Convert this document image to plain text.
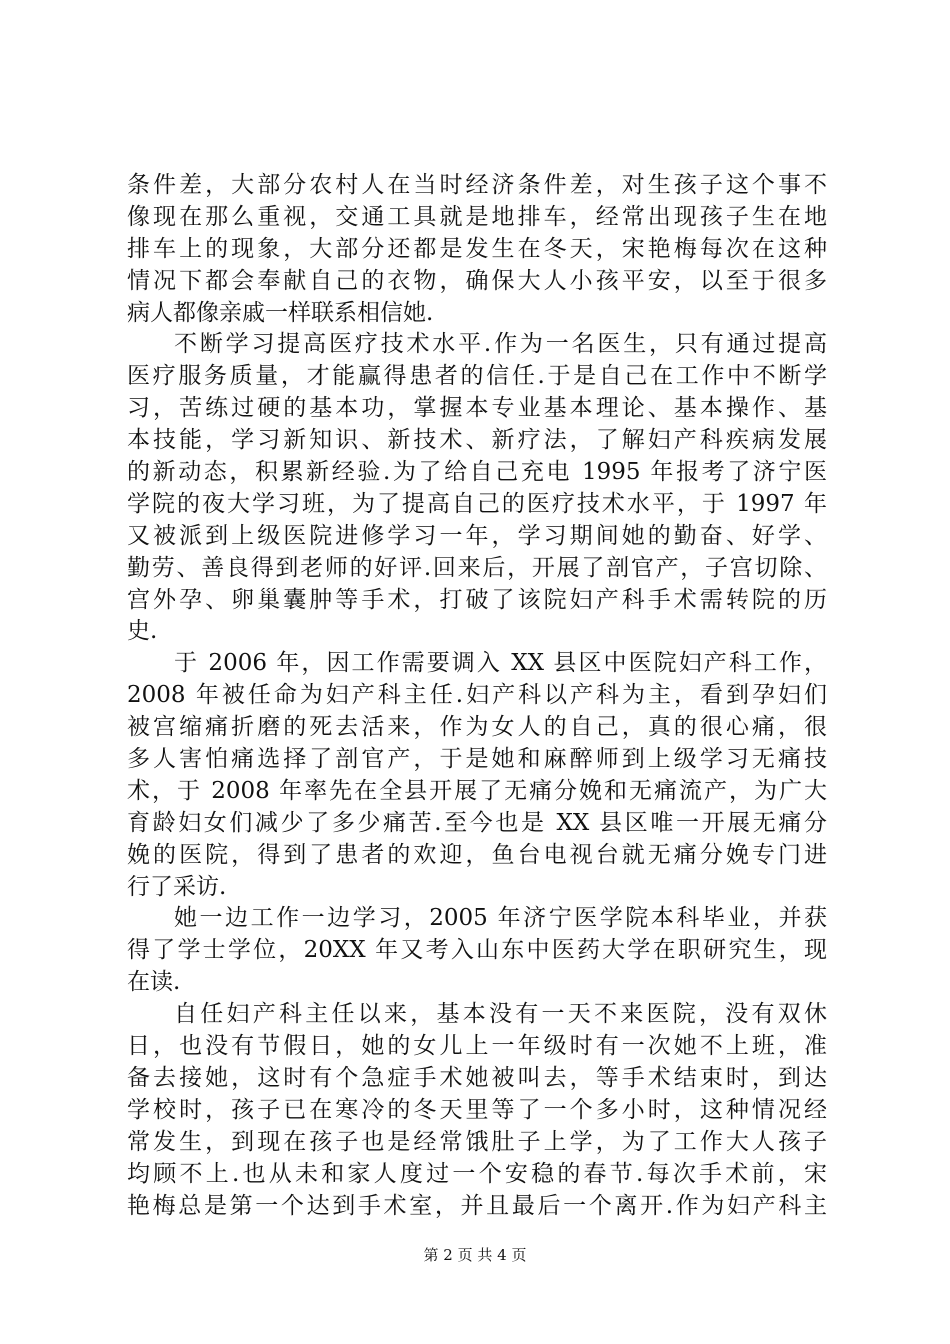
条件差，大部分农村人在当时经济条件差，对生孩子这个事不
像现在那么重视，交通工具就是地排车，经常出现孩子生在地
排车上的现象，大部分还都是发生在冬天，宋艳梅每次在这种
情况下都会奉献自己的衣物，确保大人小孩平安，以至于很多
病人都像亲戚一样联系相信她.
不断学习提高医疗技术水平.作为一名医生，只有通过提高
医疗服务质量，才能赢得患者的信任.于是自己在工作中不断学
习，苦练过硬的基本功，掌握本专业基本理论、基本操作、基
本技能，学习新知识、新技术、新疗法，了解妇产科疾病发展
的新动态，积累新经验.为了给自己充电 1995 年报考了济宁医
学院的夜大学习班，为了提高自己的医疗技术水平，于 1997 年
又被派到上级医院进修学习一年，学习期间她的勤奋、好学、
勤劳、善良得到老师的好评.回来后，开展了剖官产，子宫切除、
宫外孕、卵巢囊肿等手术，打破了该院妇产科手术需转院的历
史.
于 2006 年，因工作需要调入 XX 县区中医院妇产科工作，
2008 年被任命为妇产科主任.妇产科以产科为主，看到孕妇们
被宫缩痛折磨的死去活来，作为女人的自己，真的很心痛，很
多人害怕痛选择了剖官产，于是她和麻醉师到上级学习无痛技
术，于 2008 年率先在全县开展了无痛分娩和无痛流产，为广大
育龄妇女们减少了多少痛苦.至今也是 XX 县区唯一开展无痛分
娩的医院，得到了患者的欢迎，鱼台电视台就无痛分娩专门进
行了采访.
她一边工作一边学习，2005 年济宁医学院本科毕业，并获
得了学士学位，20XX 年又考入山东中医药大学在职研究生，现
在读.
自任妇产科主任以来，基本没有一天不来医院，没有双休
日，也没有节假日，她的女儿上一年级时有一次她不上班，准
备去接她，这时有个急症手术她被叫去，等手术结束时，到达
学校时，孩子已在寒冷的冬天里等了一个多小时，这种情况经
常发生，到现在孩子也是经常饿肚子上学，为了工作大人孩子
均顾不上.也从未和家人度过一个安稳的春节.每次手术前，宋
艳梅总是第一个达到手术室，并且最后一个离开.作为妇产科主
第 2 页 共 4 页
